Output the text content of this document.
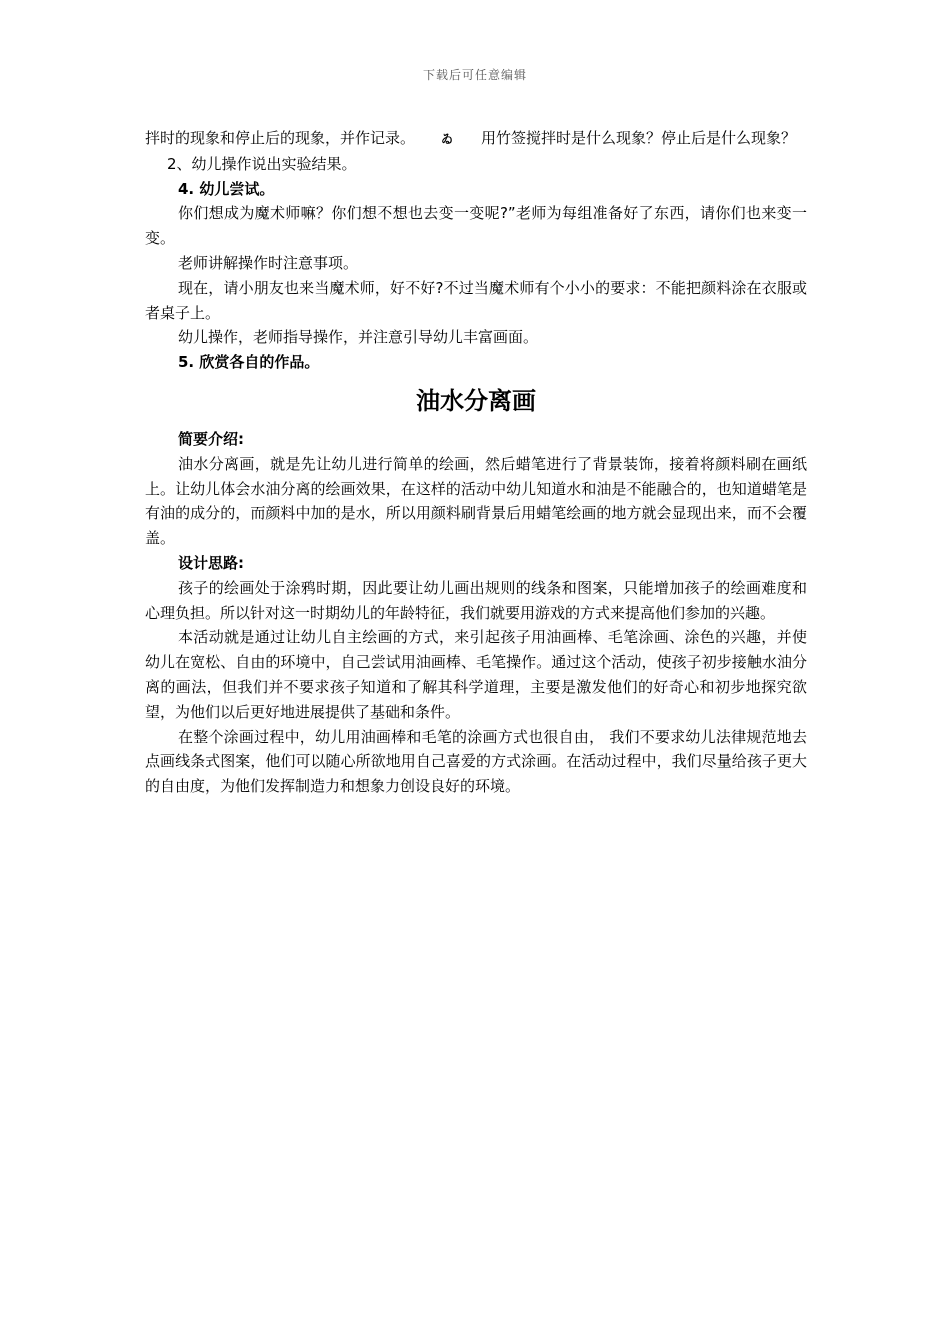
下载后可任意编辑

拌时的现象和停止后的现象，并作记录。 ゐ 用竹签搅拌时是什么现象？停止后是什么现象？

2、幼儿操作说出实验结果。

4. 幼儿尝试。

你们想成为魔术师嘛？你们想不想也去变一变呢?”老师为每组准备好了东西，请你们也来变一变。

老师讲解操作时注意事项。

现在，请小朋友也来当魔术师，好不好?不过当魔术师有个小小的要求：不能把颜料涂在衣服或者桌子上。

幼儿操作，老师指导操作，并注意引导幼儿丰富画面。

5. 欣赏各自的作品。

油水分离画

简要介绍:

油水分离画，就是先让幼儿进行简单的绘画，然后蜡笔进行了背景装饰，接着将颜料刷在画纸上。让幼儿体会水油分离的绘画效果，在这样的活动中幼儿知道水和油是不能融合的，也知道蜡笔是有油的成分的，而颜料中加的是水，所以用颜料刷背景后用蜡笔绘画的地方就会显现出来，而不会覆盖。

设计思路:

孩子的绘画处于涂鸦时期，因此要让幼儿画出规则的线条和图案，只能增加孩子的绘画难度和心理负担。所以针对这一时期幼儿的年龄特征，我们就要用游戏的方式来提高他们参加的兴趣。

本活动就是通过让幼儿自主绘画的方式，来引起孩子用油画棒、毛笔涂画、涂色的兴趣，并使幼儿在宽松、自由的环境中，自己尝试用油画棒、毛笔操作。通过这个活动，使孩子初步接触水油分离的画法，但我们并不要求孩子知道和了解其科学道理，主要是激发他们的好奇心和初步地探究欲望，为他们以后更好地进展提供了基础和条件。

在整个涂画过程中，幼儿用油画棒和毛笔的涂画方式也很自由， 我们不要求幼儿法律规范地去点画线条式图案，他们可以随心所欲地用自己喜爱的方式涂画。在活动过程中，我们尽量给孩子更大的自由度，为他们发挥制造力和想象力创设良好的环境。
